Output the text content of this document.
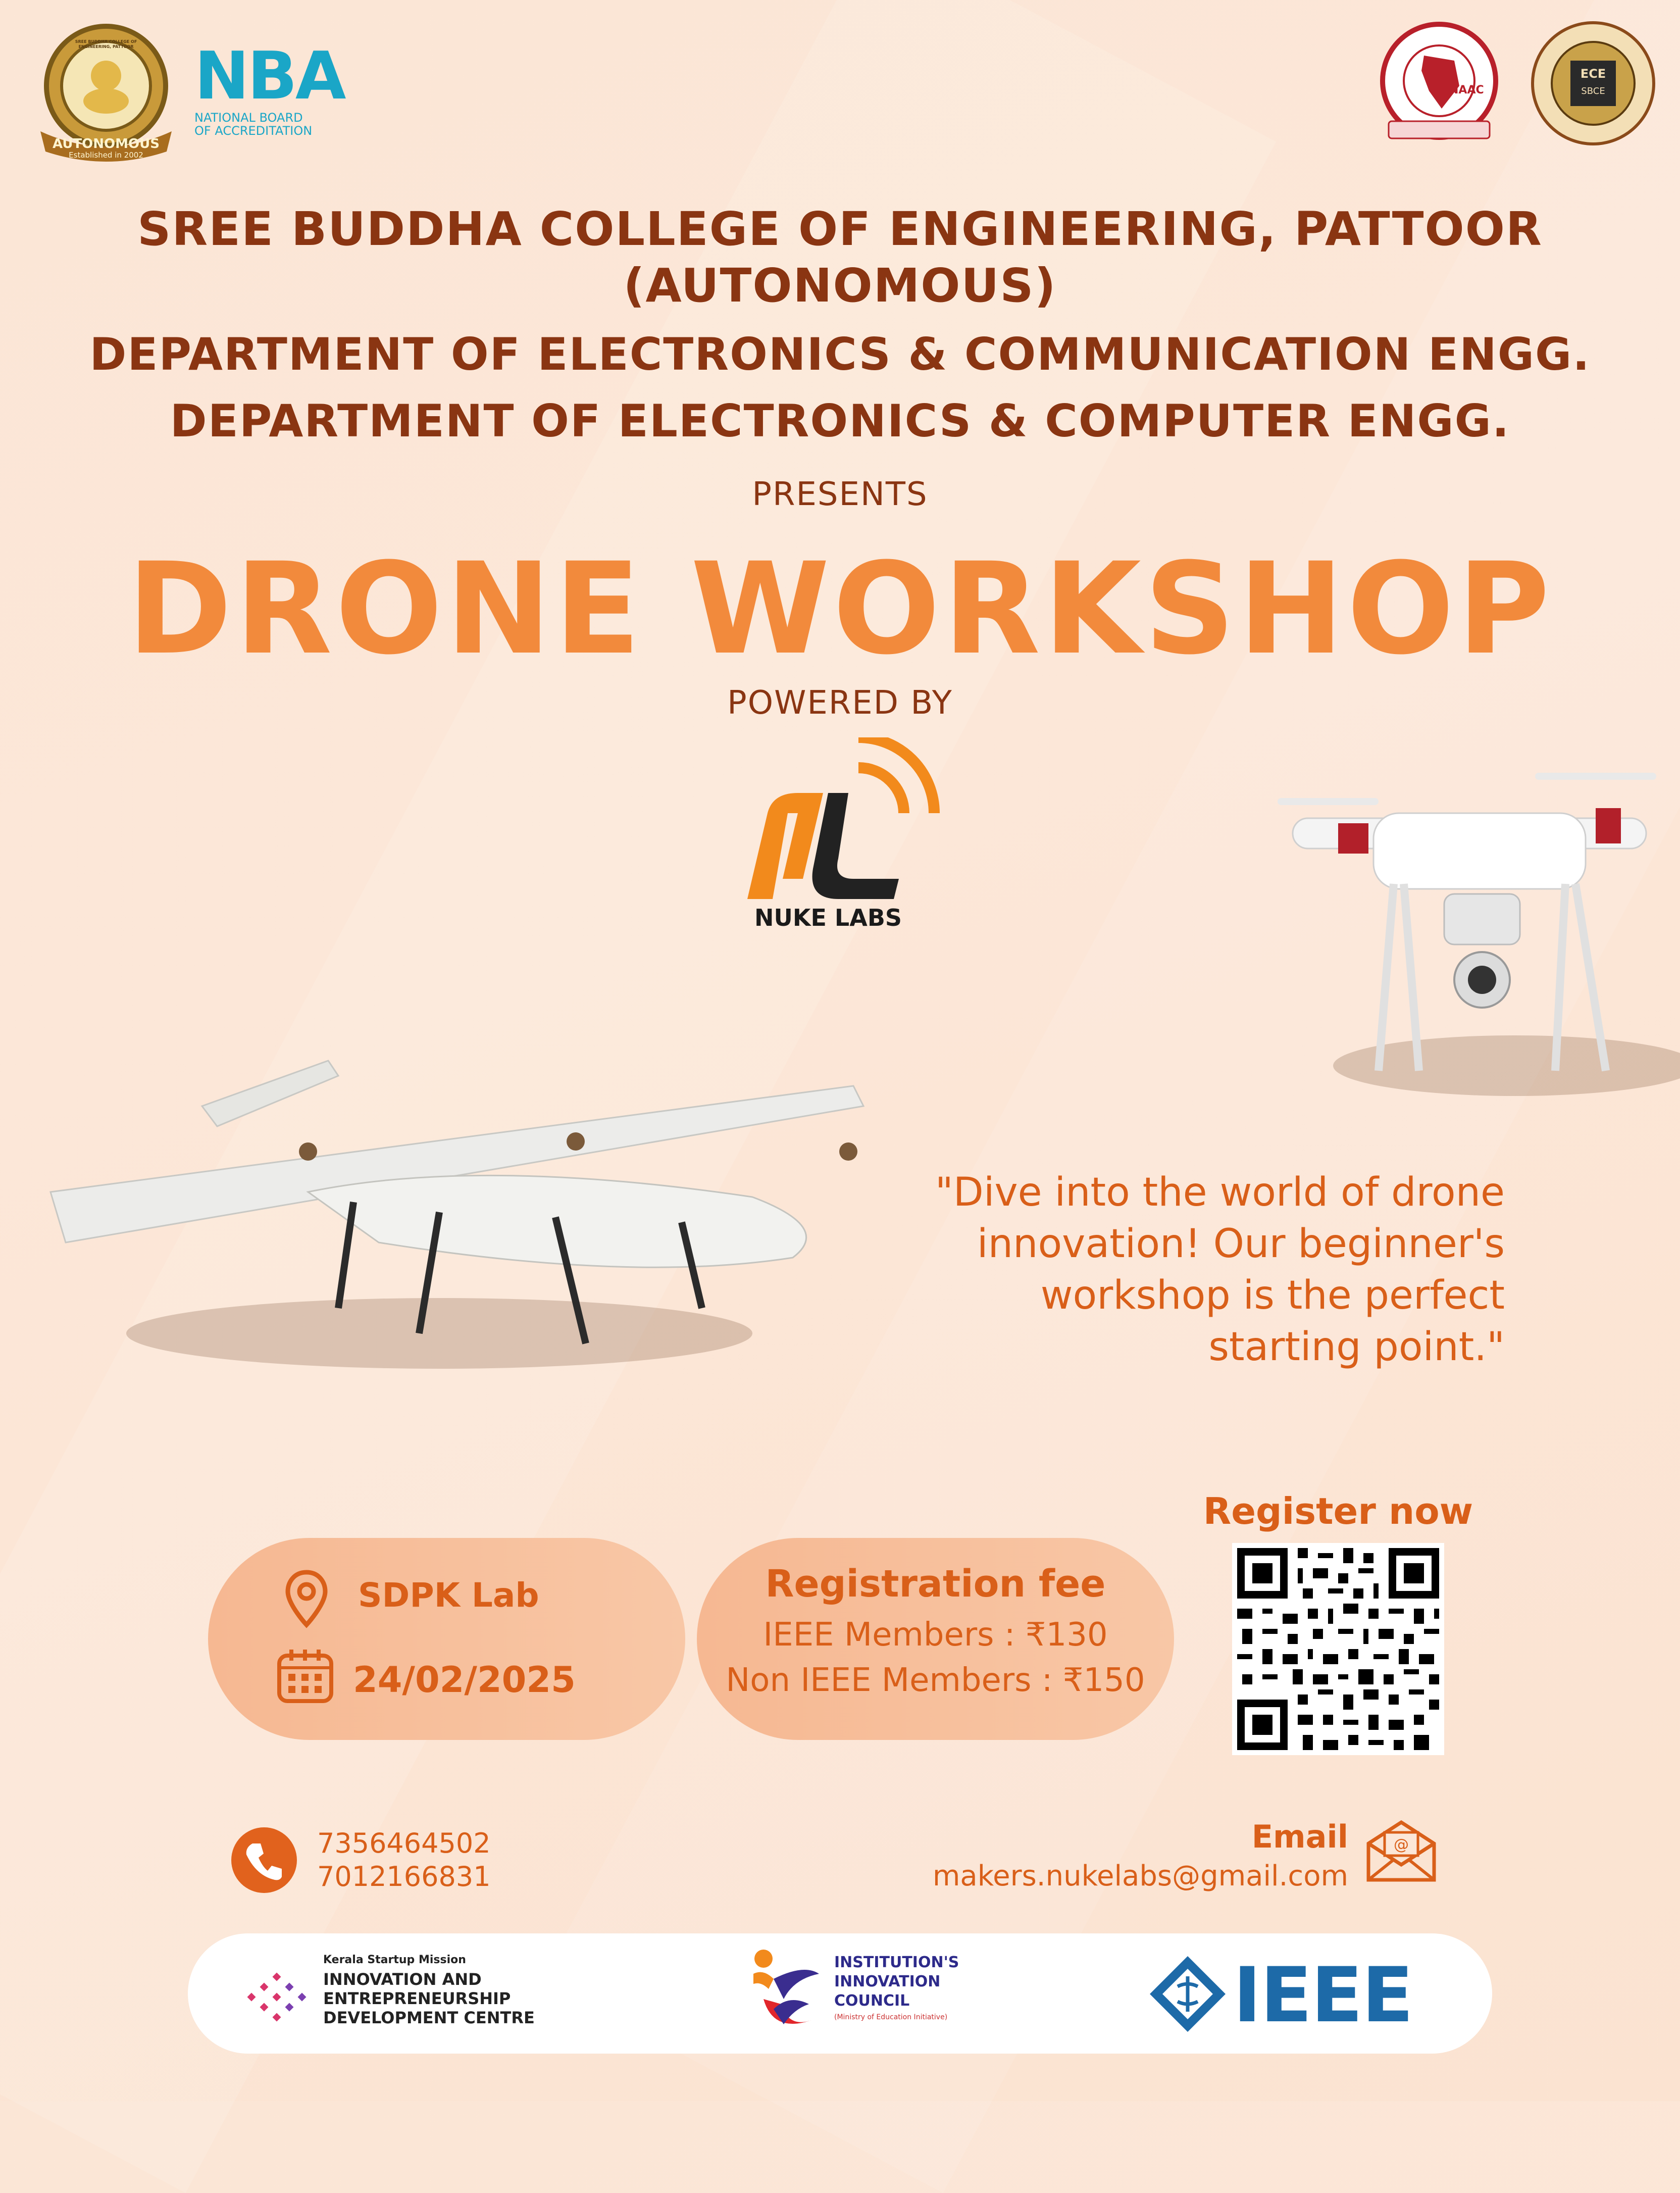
SREE BUDDHA COLLEGE OF ENGINEERING, PATTOOR
AUTONOMOUS
Established in 2002
NBA
NATIONAL BOARD
OF ACCREDITATION
NAAC
ECE
SBCE
SREE BUDDHA COLLEGE OF ENGINEERING, PATTOOR
(AUTONOMOUS)
DEPARTMENT OF ELECTRONICS & COMMUNICATION ENGG.
DEPARTMENT OF ELECTRONICS & COMPUTER ENGG.
PRESENTS
DRONE WORKSHOP
POWERED BY
NUKE LABS
"Dive into the world of drone
innovation! Our beginner's
workshop is the perfect
starting point."
SDPK Lab
24/02/2025
Registration fee
IEEE Members : ₹130
Non IEEE Members : ₹150
Register now
7356464502
7012166831
Email
makers.nukelabs@gmail.com
@
Kerala Startup Mission
INNOVATION AND
ENTREPRENEURSHIP
DEVELOPMENT CENTRE
INSTITUTION'S
INNOVATION
COUNCIL
(Ministry of Education Initiative)	IEEE
